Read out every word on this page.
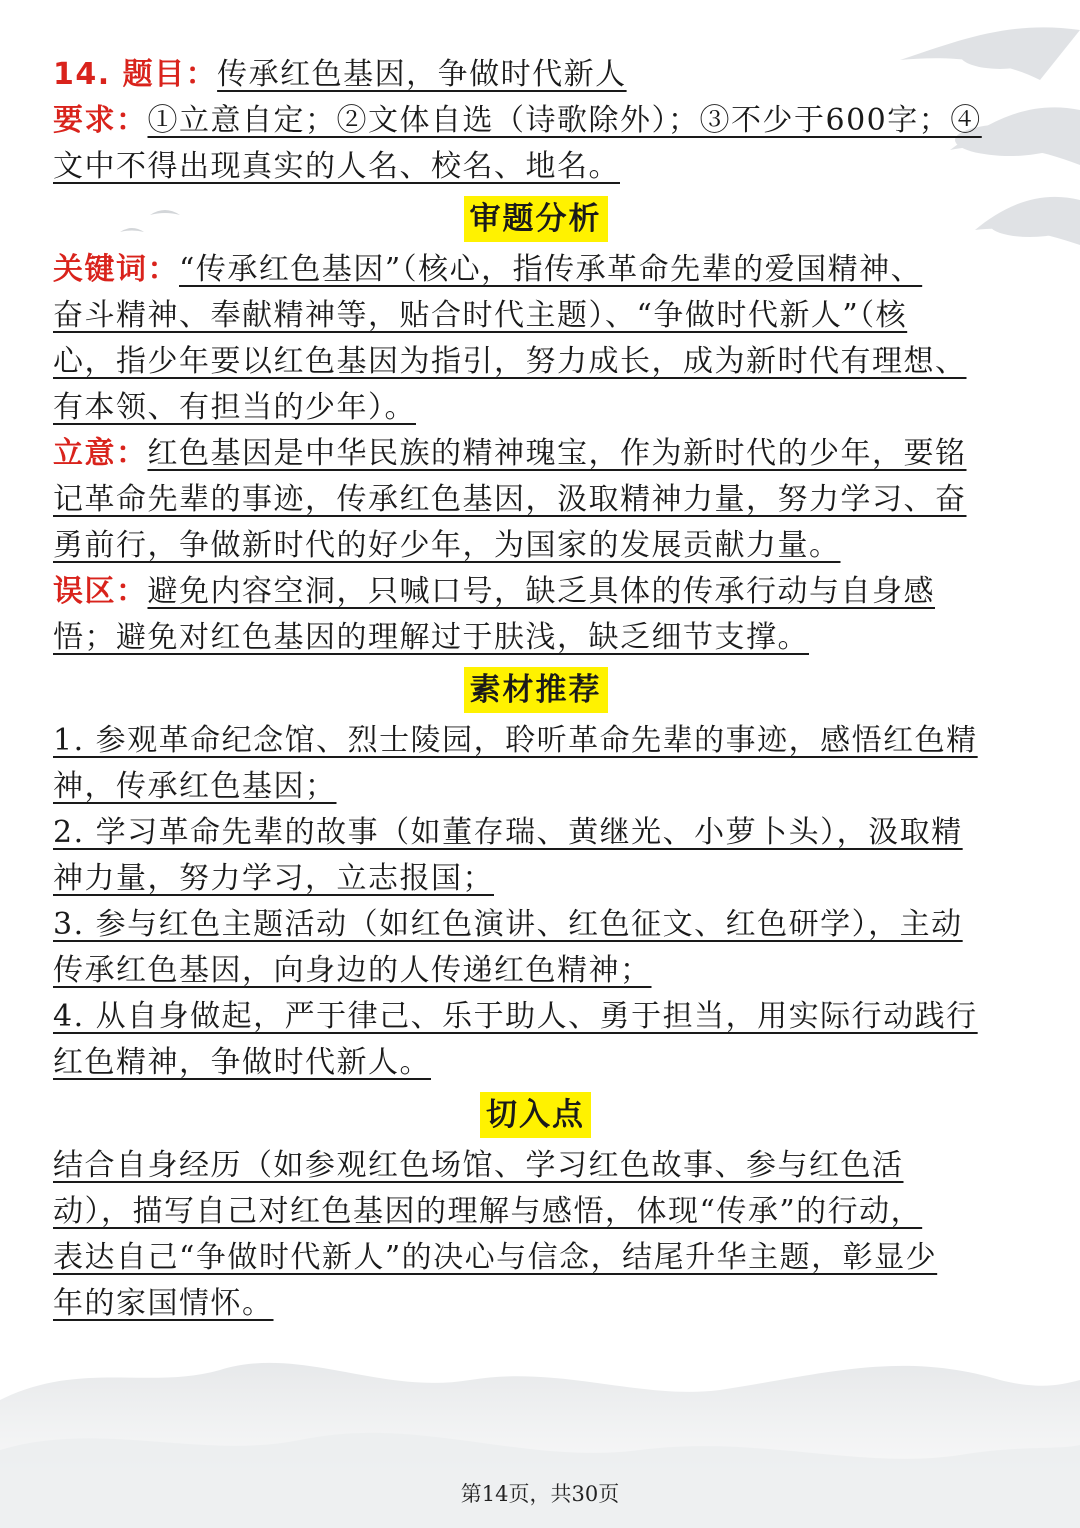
14. 题目：传承红色基因，争做时代新人
要求：①立意自定；②文体自选（诗歌除外）；③不少于600字；④
文中不得出现真实的人名、校名、地名。
审题分析
关键词：“传承红色基因”（核心，指传承革命先辈的爱国精神、
奋斗精神、奉献精神等，贴合时代主题）、“争做时代新人”（核
心，指少年要以红色基因为指引，努力成长，成为新时代有理想、
有本领、有担当的少年）。
立意：红色基因是中华民族的精神瑰宝，作为新时代的少年，要铭
记革命先辈的事迹，传承红色基因，汲取精神力量，努力学习、奋
勇前行，争做新时代的好少年，为国家的发展贡献力量。
误区：避免内容空洞，只喊口号，缺乏具体的传承行动与自身感
悟；避免对红色基因的理解过于肤浅，缺乏细节支撑。
素材推荐
1. 参观革命纪念馆、烈士陵园，聆听革命先辈的事迹，感悟红色精
神，传承红色基因；
2. 学习革命先辈的故事（如董存瑞、黄继光、小萝卜头），汲取精
神力量，努力学习，立志报国；
3. 参与红色主题活动（如红色演讲、红色征文、红色研学），主动
传承红色基因，向身边的人传递红色精神；
4. 从自身做起，严于律己、乐于助人、勇于担当，用实际行动践行
红色精神，争做时代新人。
切入点
结合自身经历（如参观红色场馆、学习红色故事、参与红色活
动），描写自己对红色基因的理解与感悟，体现“传承”的行动，
表达自己“争做时代新人”的决心与信念，结尾升华主题，彰显少
年的家国情怀。
第14页，共30页
